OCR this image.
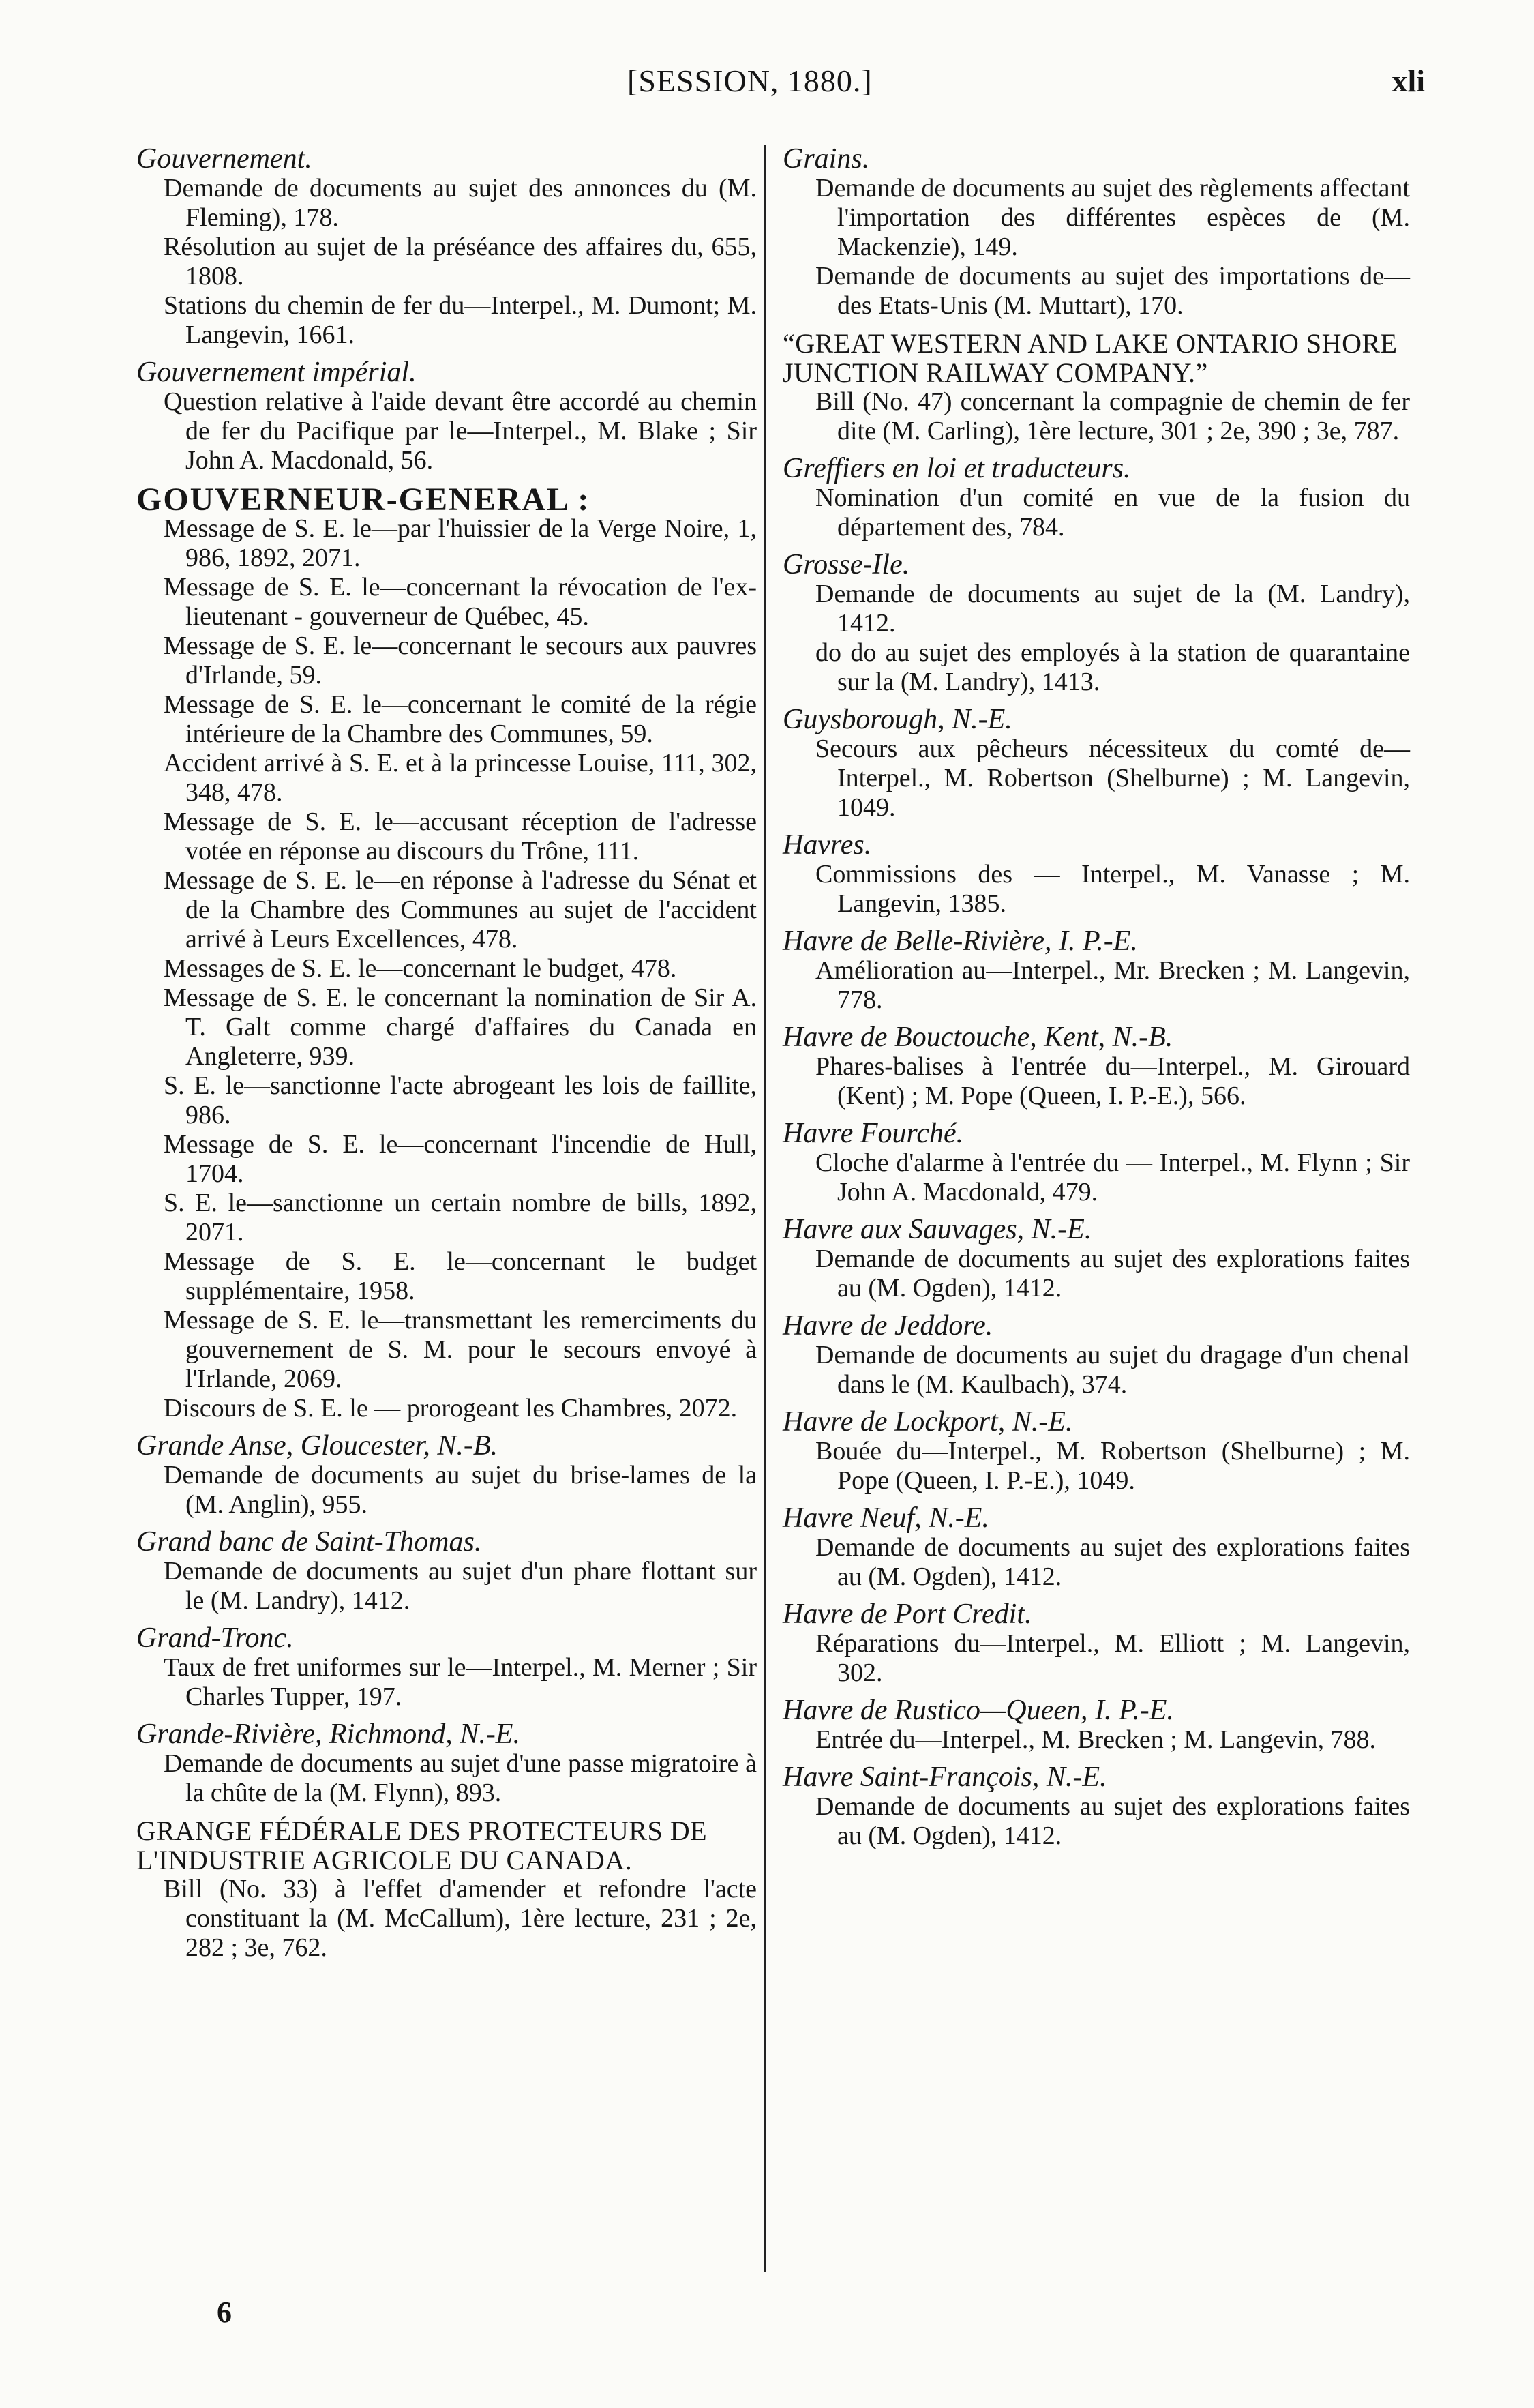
[SESSION, 1880.]	xli
Gouvernement.

Demande de documents au sujet des annonces du (M. Fleming), 178.

Résolution au sujet de la préséance des affaires du, 655, 1808.

Stations du chemin de fer du—Interpel., M. Dumont; M. Langevin, 1661.

Gouvernement impérial.

Question relative à l'aide devant être accordé au chemin de fer du Pacifique par le—Interpel., M. Blake ; Sir John A. Macdonald, 56.

GOUVERNEUR-GENERAL :

Message de S. E. le—par l'huissier de la Verge Noire, 1, 986, 1892, 2071.

Message de S. E. le—concernant la révocation de l'ex-lieutenant - gouverneur de Québec, 45.

Message de S. E. le—concernant le secours aux pauvres d'Irlande, 59.

Message de S. E. le—concernant le comité de la régie intérieure de la Chambre des Communes, 59.

Accident arrivé à S. E. et à la princesse Louise, 111, 302, 348, 478.

Message de S. E. le—accusant réception de l'adresse votée en réponse au discours du Trône, 111.

Message de S. E. le—en réponse à l'adresse du Sénat et de la Chambre des Communes au sujet de l'accident arrivé à Leurs Excellences, 478.

Messages de S. E. le—concernant le budget, 478.

Message de S. E. le concernant la nomination de Sir A. T. Galt comme chargé d'affaires du Canada en Angleterre, 939.

S. E. le—sanctionne l'acte abrogeant les lois de faillite, 986.

Message de S. E. le—concernant l'incendie de Hull, 1704.

S. E. le—sanctionne un certain nombre de bills, 1892, 2071.

Message de S. E. le—concernant le budget supplémentaire, 1958.

Message de S. E. le—transmettant les remerciments du gouvernement de S. M. pour le secours envoyé à l'Irlande, 2069.

Discours de S. E. le — prorogeant les Chambres, 2072.

Grande Anse, Gloucester, N.-B.

Demande de documents au sujet du brise-lames de la (M. Anglin), 955.

Grand banc de Saint-Thomas.

Demande de documents au sujet d'un phare flottant sur le (M. Landry), 1412.

Grand-Tronc.

Taux de fret uniformes sur le—Interpel., M. Merner ; Sir Charles Tupper, 197.

Grande-Rivière, Richmond, N.-E.

Demande de documents au sujet d'une passe migratoire à la chûte de la (M. Flynn), 893.

GRANGE FÉDÉRALE DES PROTECTEURS DE L'INDUSTRIE AGRICOLE DU CANADA.

Bill (No. 33) à l'effet d'amender et refondre l'acte constituant la (M. McCallum), 1ère lecture, 231 ; 2e, 282 ; 3e, 762.

Grains.

Demande de documents au sujet des règlements affectant l'importation des différentes espèces de (M. Mackenzie), 149.

Demande de documents au sujet des importations de—des Etats-Unis (M. Muttart), 170.

“GREAT WESTERN AND LAKE ONTARIO SHORE JUNCTION RAILWAY COMPANY.”

Bill (No. 47) concernant la compagnie de chemin de fer dite (M. Carling), 1ère lecture, 301 ; 2e, 390 ; 3e, 787.

Greffiers en loi et traducteurs.

Nomination d'un comité en vue de la fusion du département des, 784.

Grosse-Ile.

Demande de documents au sujet de la (M. Landry), 1412.

do do au sujet des employés à la station de quarantaine sur la (M. Landry), 1413.

Guysborough, N.-E.

Secours aux pêcheurs nécessiteux du comté de—Interpel., M. Robertson (Shelburne) ; M. Langevin, 1049.

Havres.

Commissions des — Interpel., M. Vanasse ; M. Langevin, 1385.

Havre de Belle-Rivière, I. P.-E.

Amélioration au—Interpel., Mr. Brecken ; M. Langevin, 778.

Havre de Bouctouche, Kent, N.-B.

Phares-balises à l'entrée du—Interpel., M. Girouard (Kent) ; M. Pope (Queen, I. P.-E.), 566.

Havre Fourché.

Cloche d'alarme à l'entrée du — Interpel., M. Flynn ; Sir John A. Macdonald, 479.

Havre aux Sauvages, N.-E.

Demande de documents au sujet des explorations faites au (M. Ogden), 1412.

Havre de Jeddore.

Demande de documents au sujet du dragage d'un chenal dans le (M. Kaulbach), 374.

Havre de Lockport, N.-E.

Bouée du—Interpel., M. Robertson (Shelburne) ; M. Pope (Queen, I. P.-E.), 1049.

Havre Neuf, N.-E.

Demande de documents au sujet des explorations faites au (M. Ogden), 1412.

Havre de Port Credit.

Réparations du—Interpel., M. Elliott ; M. Langevin, 302.

Havre de Rustico—Queen, I. P.-E.

Entrée du—Interpel., M. Brecken ; M. Langevin, 788.

Havre Saint-François, N.-E.

Demande de documents au sujet des explorations faites au (M. Ogden), 1412.

6
